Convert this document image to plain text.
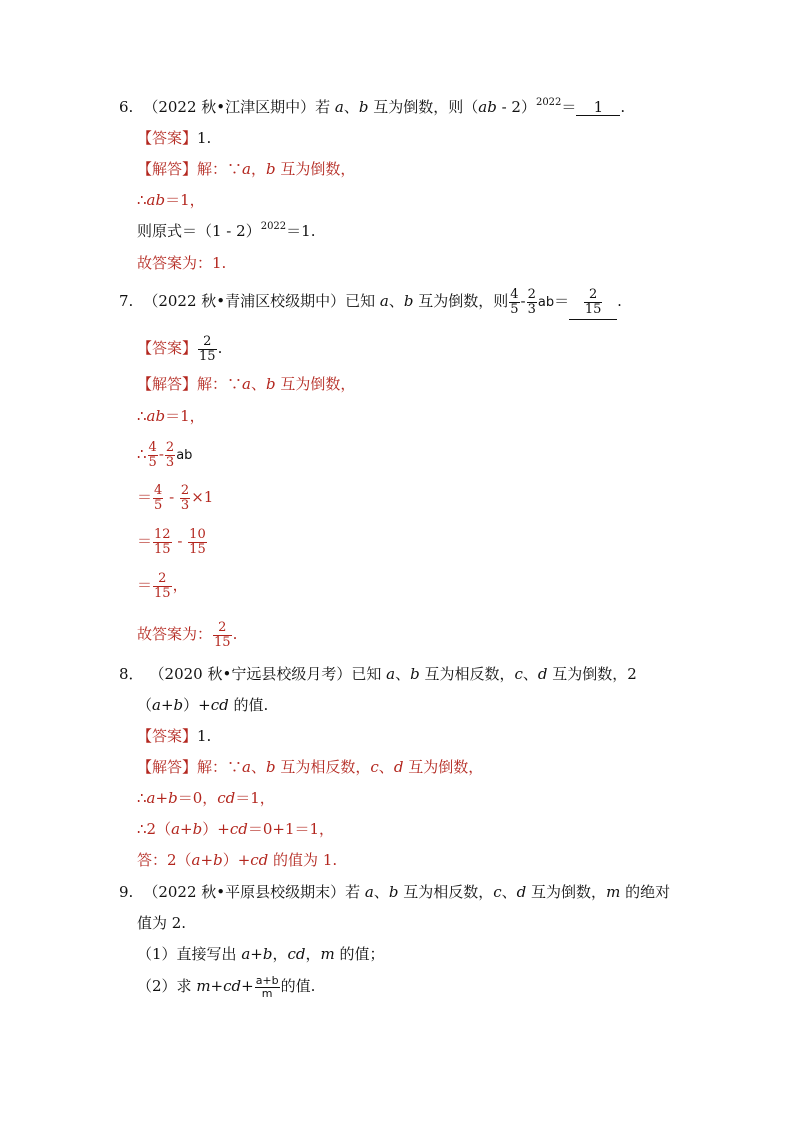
6. （2022 秋•江津区期中）若 a、b 互为倒数，则（ab - 2）$^{2022}$＝ 1 .
【答案】1.
【解答】解：∵a，b 互为倒数，
∴ab＝1，
则原式＝（1 - 2）$^{2022}$＝1.
故答案为：1.
7. （2022 秋•青浦区校级期中）已知 a、b 互为倒数，则 $\frac{4}{5} - \frac{2}{3} ab= \frac{2}{15}$ .
【答案】 $\frac{2}{15}$ .
【解答】解：∵a、b 互为倒数，
∴ab＝1，
∴ $\frac{4}{5} - \frac{2}{3}$ ab
＝ $\frac{4}{5} - \frac{2}{3} \times 1$
＝ $\frac{12}{15} - \frac{10}{15}$
＝ $\frac{2}{15}$ ，
故答案为： $\frac{2}{15}$ .
8． （2020 秋•宁远县校级月考）已知 a、b 互为相反数，c、d 互为倒数，2
（a+b）+cd 的值.
【答案】1.
【解答】解：∵a、b 互为相反数，c、d 互为倒数，
∴a+b＝0，cd＝1，
∴2（a+b）+cd＝0+1＝1，
答：2（a+b）+cd 的值为 1.
9. （2022 秋•平原县校级期末）若 a、b 互为相反数，c、d 互为倒数，m 的绝对
值为 2.
（1）直接写出 a+b，cd，m 的值；
（2）求 $m+cd+ \frac{a+b}{m}$ 的值.
